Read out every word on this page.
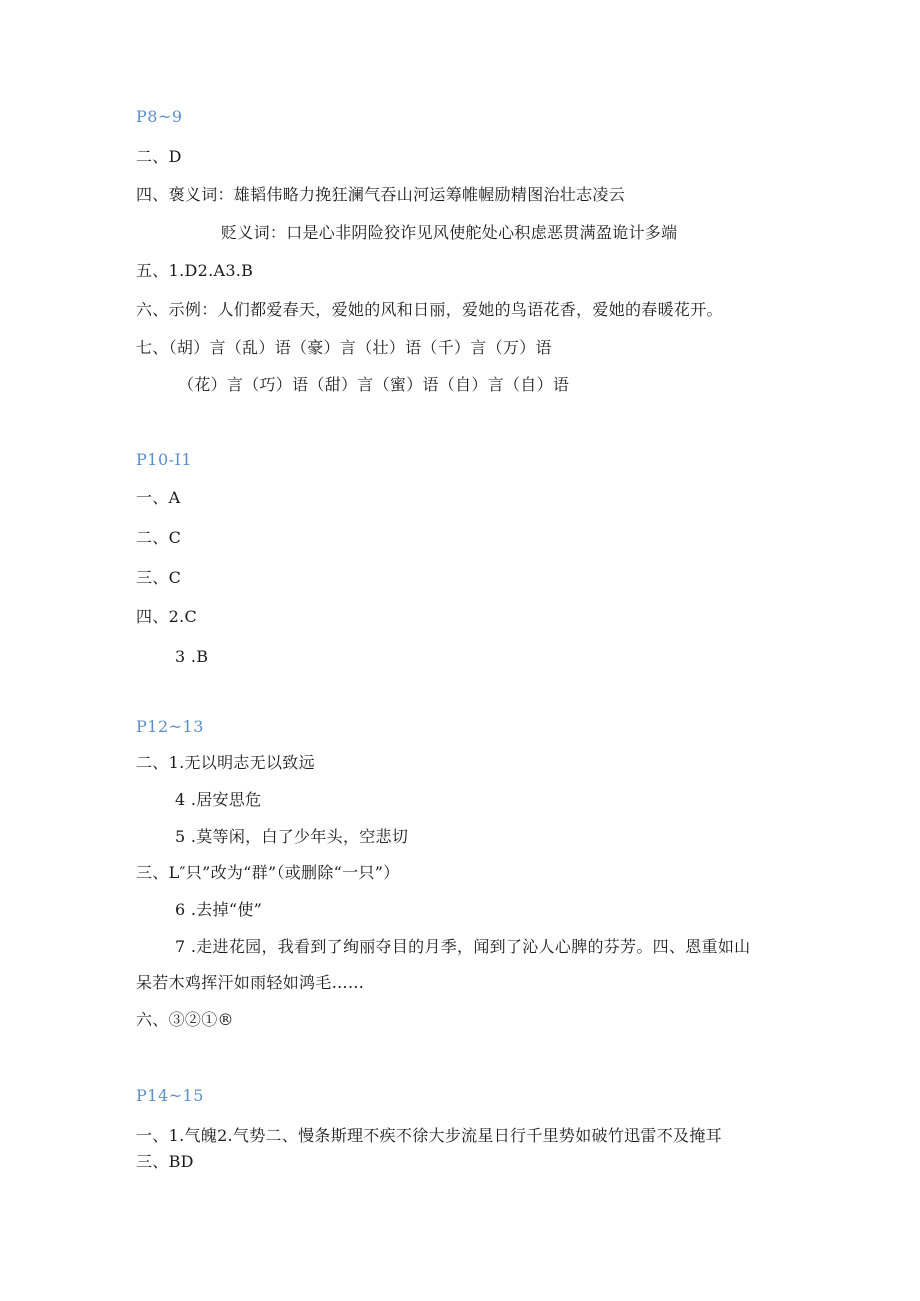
P8~9
二、D
四、褒义词：雄韬伟略力挽狂澜气吞山河运筹帷幄励精图治壮志凌云
贬义词：口是心非阴险狡诈见风使舵处心积虑恶贯满盈诡计多端
五、1.D2.A3.B
六、示例：人们都爱春天，爱她的风和日丽，爱她的鸟语花香，爱她的春暖花开。
七、（胡）言（乱）语（豪）言（壮）语（千）言（万）语
（花）言（巧）语（甜）言（蜜）语（自）言（自）语
P10-I1
一、A
二、C
三、C
四、2.C
3 .B
P12~13
二、1.无以明志无以致远
4 .居安思危
5 .莫等闲，白了少年头，空悲切
三、L″只”改为“群”（或删除“一只”）
6 .去掉“使”
7 .走进花园，我看到了绚丽夺目的月季，闻到了沁人心脾的芬芳。四、恩重如山
呆若木鸡挥汗如雨轻如鸿毛……
六、③②①®
P14~15
一、1.气魄2.气势二、慢条斯理不疾不徐大步流星日行千里势如破竹迅雷不及掩耳
三、BD
